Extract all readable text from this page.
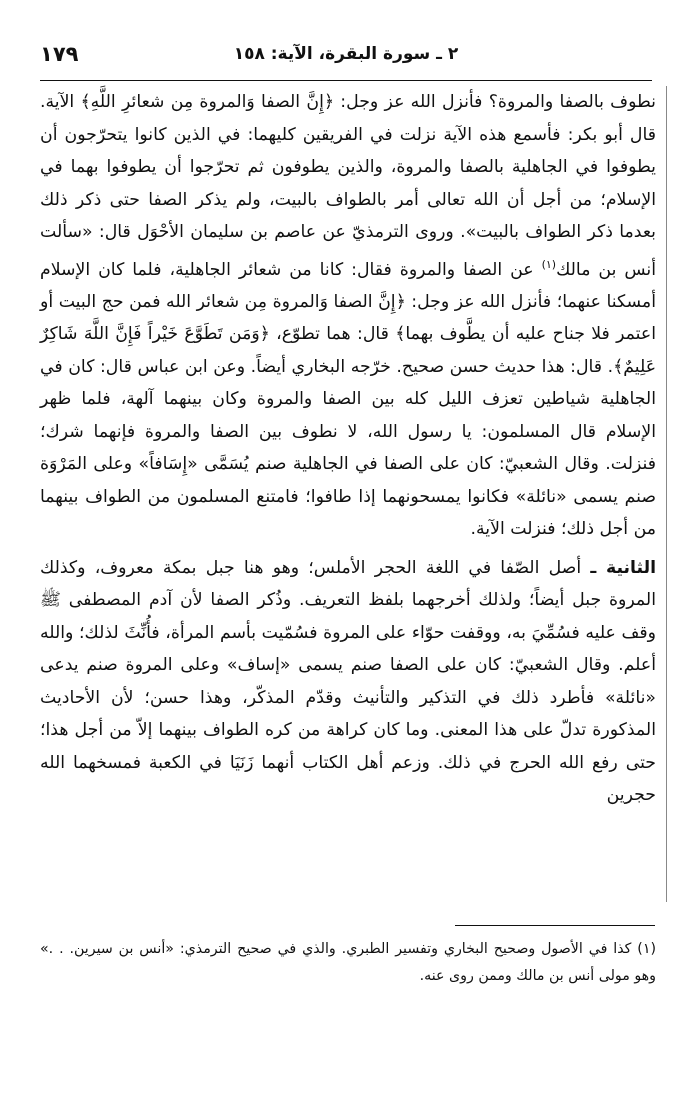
٢ ـ سورة البقرة، الآية: ١٥٨
١٧٩

نطوف بالصفا والمروة؟ فأنزل الله عز وجل: ﴿إِنَّ الصفا وَالمروة مِن شعائرِ اللَّهِ﴾ الآية. قال أبو بكر: فأسمع هذه الآية نزلت في الفريقين كليهما: في الذين كانوا يتحرّجون أن يطوفوا في الجاهلية بالصفا والمروة، والذين يطوفون ثم تحرّجوا أن يطوفوا بهما في الإسلام؛ من أجل أن الله تعالى أمر بالطواف بالبيت، ولم يذكر الصفا حتى ذكر ذلك بعدما ذكر الطواف بالبيت». وروى الترمذيّ عن عاصم بن سليمان الأحْوَل قال: «سألت أنس بن مالك$^{(١)}$ عن الصفا والمروة فقال: كانا من شعائر الجاهلية، فلما كان الإسلام أمسكنا عنهما؛ فأنزل الله عز وجل: ﴿إِنَّ الصفا وَالمروة مِن شعائر الله فمن حج البيت أو اعتمر فلا جناح عليه أن يطَّوف بهما﴾ قال: هما تطوّع، ﴿وَمَن تَطَوَّعَ خَيْراً فَإِنَّ اللَّهَ شَاكِرٌ عَلِيمٌ﴾. قال: هذا حديث حسن صحيح. خرّجه البخاري أيضاً. وعن ابن عباس قال: كان في الجاهلية شياطين تعزف الليل كله بين الصفا والمروة وكان بينهما آلهة، فلما ظهر الإسلام قال المسلمون: يا رسول الله، لا نطوف بين الصفا والمروة فإنهما شرك؛ فنزلت. وقال الشعبيّ: كان على الصفا في الجاهلية صنم يُسَمَّى «إِسَافاً» وعلى المَرْوَة صنم يسمى «نائلة» فكانوا يمسحونهما إذا طافوا؛ فامتنع المسلمون من الطواف بينهما من أجل ذلك؛ فنزلت الآية.

الثانية ـ أصل الصّفا في اللغة الحجر الأملس؛ وهو هنا جبل بمكة معروف، وكذلك المروة جبل أيضاً؛ ولذلك أخرجهما بلفظ التعريف. وذُكر الصفا لأن آدم المصطفى ﷺ وقف عليه فسُمِّيَ به، ووقفت حوّاء على المروة فسُمّيت بأسم المرأة، فأُنِّثَ لذلك؛ والله أعلم. وقال الشعبيّ: كان على الصفا صنم يسمى «إساف» وعلى المروة صنم يدعى «نائلة» فأطرد ذلك في التذكير والتأنيث وقدّم المذكّر، وهذا حسن؛ لأن الأحاديث المذكورة تدلّ على هذا المعنى. وما كان كراهة من كره الطواف بينهما إلاّ من أجل هذا؛ حتى رفع الله الحرج في ذلك. وزعم أهل الكتاب أنهما زَنَيَا في الكعبة فمسخهما الله حجرين

(١) كذا في الأصول وصحيح البخاري وتفسير الطبري. والذي في صحيح الترمذي: «أنس بن سيرين. . .» وهو مولى أنس بن مالك وممن روى عنه.
